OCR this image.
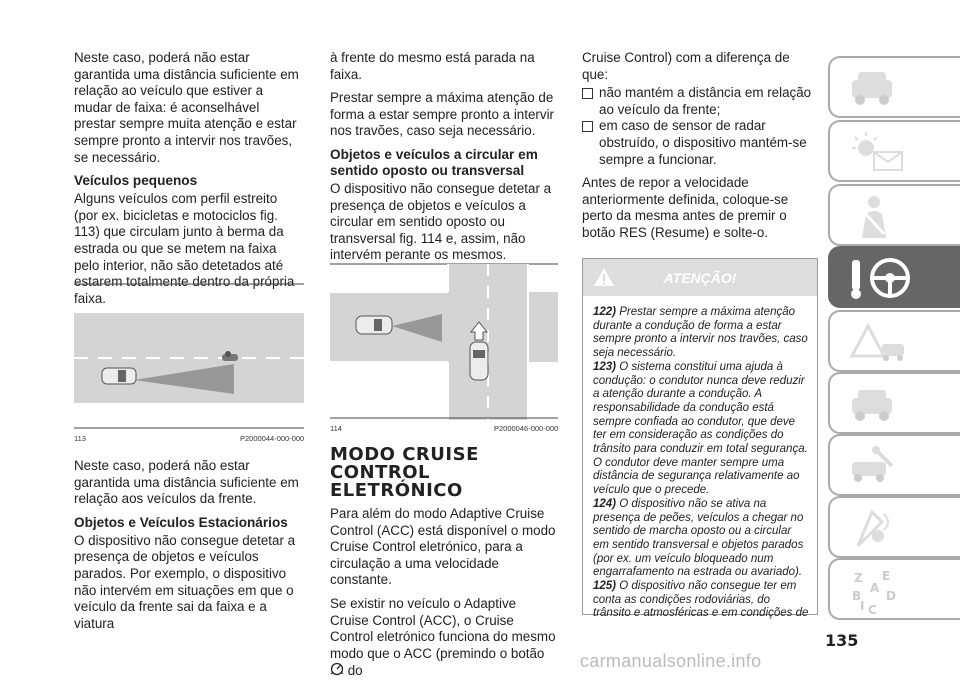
Neste caso, poderá não estar garantida uma distância suficiente em relação ao veículo que estiver a mudar de faixa: é aconselhável prestar sempre muita atenção e estar sempre pronto a intervir nos travões, se necessário.

Veículos pequenos

Alguns veículos com perfil estreito (por ex. bicicletas e motociclos fig. 113) que circulam junto à berma da estrada ou que se metem na faixa pelo interior, não são detetados até estarem totalmente dentro da própria faixa.

113	P2000044-000-000

Neste caso, poderá não estar garantida uma distância suficiente em relação aos veículos da frente.

Objetos e Veículos Estacionários

O dispositivo não consegue detetar a presença de objetos e veículos parados. Por exemplo, o dispositivo não intervém em situações em que o veículo da frente sai da faixa e a viatura

à frente do mesmo está parada na faixa.

Prestar sempre a máxima atenção de forma a estar sempre pronto a intervir nos travões, caso seja necessário.

Objetos e veículos a circular em sentido oposto ou transversal

O dispositivo não consegue detetar a presença de objetos e veículos a circular em sentido oposto ou transversal fig. 114 e, assim, não intervém perante os mesmos.

114	P2000046-000-000
MODO CRUISE CONTROL ELETRÓNICO

Para além do modo Adaptive Cruise Control (ACC) está disponível o modo Cruise Control eletrónico, para a circulação a uma velocidade constante.

Se existir no veículo o Adaptive Cruise Control (ACC), o Cruise Control eletrónico funciona do mesmo modo que o ACC (premindo o botão  do

Cruise Control) com a diferença de que:

não mantém a distância em relação ao veículo da frente;
em caso de sensor de radar obstruído, o dispositivo mantém-se sempre a funcionar.

Antes de repor a velocidade anteriormente definida, coloque-se perto da mesma antes de premir o botão RES (Resume) e solte-o.

ATENÇÃO!
122) Prestar sempre a máxima atenção durante a condução de forma a estar sempre pronto a intervir nos travões, caso seja necessário.
123) O sistema constitui uma ajuda à condução: o condutor nunca deve reduzir a atenção durante a condução. A responsabilidade da condução está sempre confiada ao condutor, que deve ter em consideração as condições do trânsito para conduzir em total segurança. O condutor deve manter sempre uma distância de segurança relativamente ao veículo que o precede.
124) O dispositivo não se ativa na presença de peões, veículos a chegar no sentido de marcha oposto ou a circular em sentido transversal e objetos parados (por ex. um veículo bloqueado num engarrafamento na estrada ou avariado).
125) O dispositivo não consegue ter em conta as condições rodoviárias, do trânsito e atmosféricas e em condições de
Z E
B D
C
A
I
135
carmanualsonline.info
